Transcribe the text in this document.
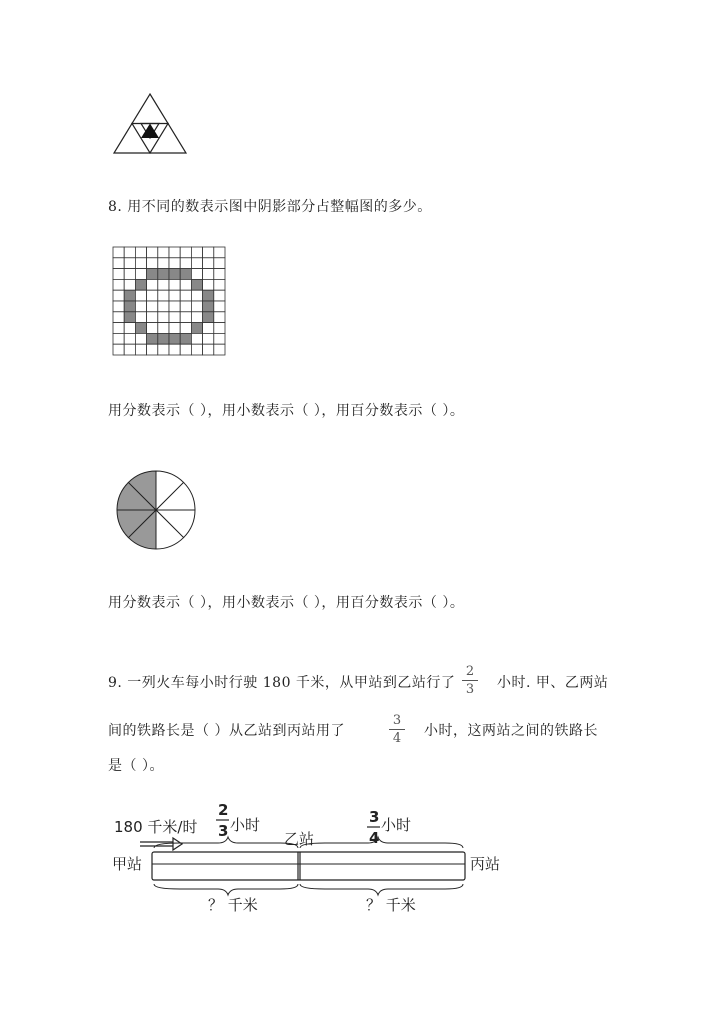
8. 用不同的数表示图中阴影部分占整幅图的多少。
用分数表示（ ），用小数表示（ ），用百分数表示（ ）。
用分数表示（ ），用小数表示（ ），用百分数表示（ ）。
9. 一列火车每小时行驶 180 千米，从甲站到乙站行了
2
3	小时. 甲、乙两站
间的铁路长是（ ）从乙站到丙站用了
3
4	小时，这两站之间的铁路长
是（ ）。
180 千米/时
2
3 小时	3
4
小时
乙站
甲站	丙站
？ 千米	？ 千米
